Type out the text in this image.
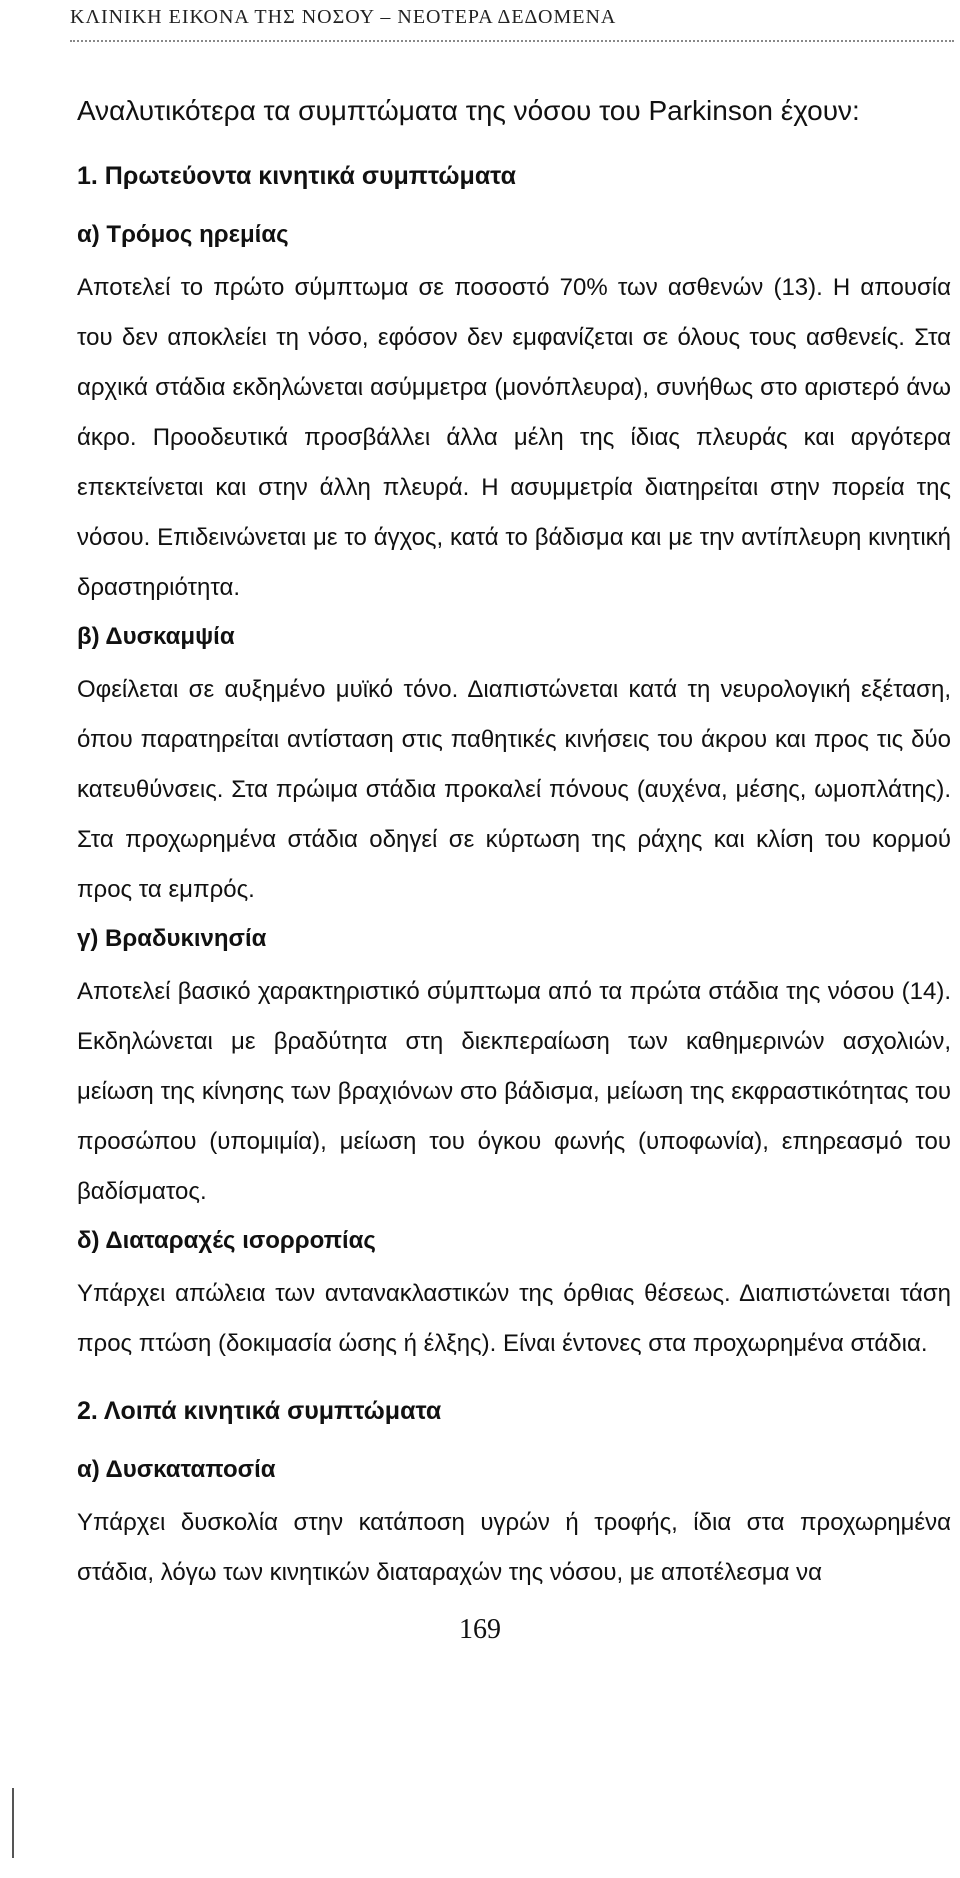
ΚΛΙΝΙΚΗ ΕΙΚΟΝΑ ΤΗΣ ΝΟΣΟΥ – ΝΕΟΤΕΡΑ ΔΕΔΟΜΕΝΑ
Αναλυτικότερα τα συμπτώματα της νόσου του Parkinson έχουν:
1. Πρωτεύοντα κινητικά συμπτώματα
α) Τρόμος ηρεμίας

Αποτελεί το πρώτο σύμπτωμα σε ποσοστό 70% των ασθενών (13). Η απουσία του δεν αποκλείει τη νόσο, εφόσον δεν εμφανίζεται σε όλους τους ασθενείς. Στα αρχικά στάδια εκδηλώνεται ασύμμετρα (μονόπλευρα), συνήθως στο αριστερό άνω άκρο. Προοδευτικά προσβάλλει άλλα μέλη της ίδιας πλευράς και αργότερα επεκτείνεται και στην άλλη πλευρά. Η ασυμμετρία διατηρείται στην πορεία της νόσου. Επιδεινώνεται με το άγχος, κατά το βάδισμα και με την αντίπλευρη κινητική δραστηριότητα.

β) Δυσκαμψία

Οφείλεται σε αυξημένο μυϊκό τόνο. Διαπιστώνεται κατά τη νευρολογική εξέταση, όπου παρατηρείται αντίσταση στις παθητικές κινήσεις του άκρου και προς τις δύο κατευθύνσεις. Στα πρώιμα στάδια προκαλεί πόνους (αυχένα, μέσης, ωμοπλάτης). Στα προχωρημένα στάδια οδηγεί σε κύρτωση της ράχης και κλίση του κορμού προς τα εμπρός.

γ) Βραδυκινησία

Αποτελεί βασικό χαρακτηριστικό σύμπτωμα από τα πρώτα στάδια της νόσου (14). Εκδηλώνεται με βραδύτητα στη διεκπεραίωση των καθημερινών ασχολιών, μείωση της κίνησης των βραχιόνων στο βάδισμα, μείωση της εκφραστικότητας του προσώπου (υπομιμία), μείωση του όγκου φωνής (υποφωνία), επηρεασμό του βαδίσματος.

δ) Διαταραχές ισορροπίας

Υπάρχει απώλεια των αντανακλαστικών της όρθιας θέσεως. Διαπιστώνεται τάση προς πτώση (δοκιμασία ώσης ή έλξης). Είναι έντονες στα προχωρημένα στάδια.

2. Λοιπά κινητικά συμπτώματα
α) Δυσκαταποσία

Υπάρχει δυσκολία στην κατάποση υγρών ή τροφής, ίδια στα προχωρημένα στάδια, λόγω των κινητικών διαταραχών της νόσου, με αποτέλεσμα να

169
